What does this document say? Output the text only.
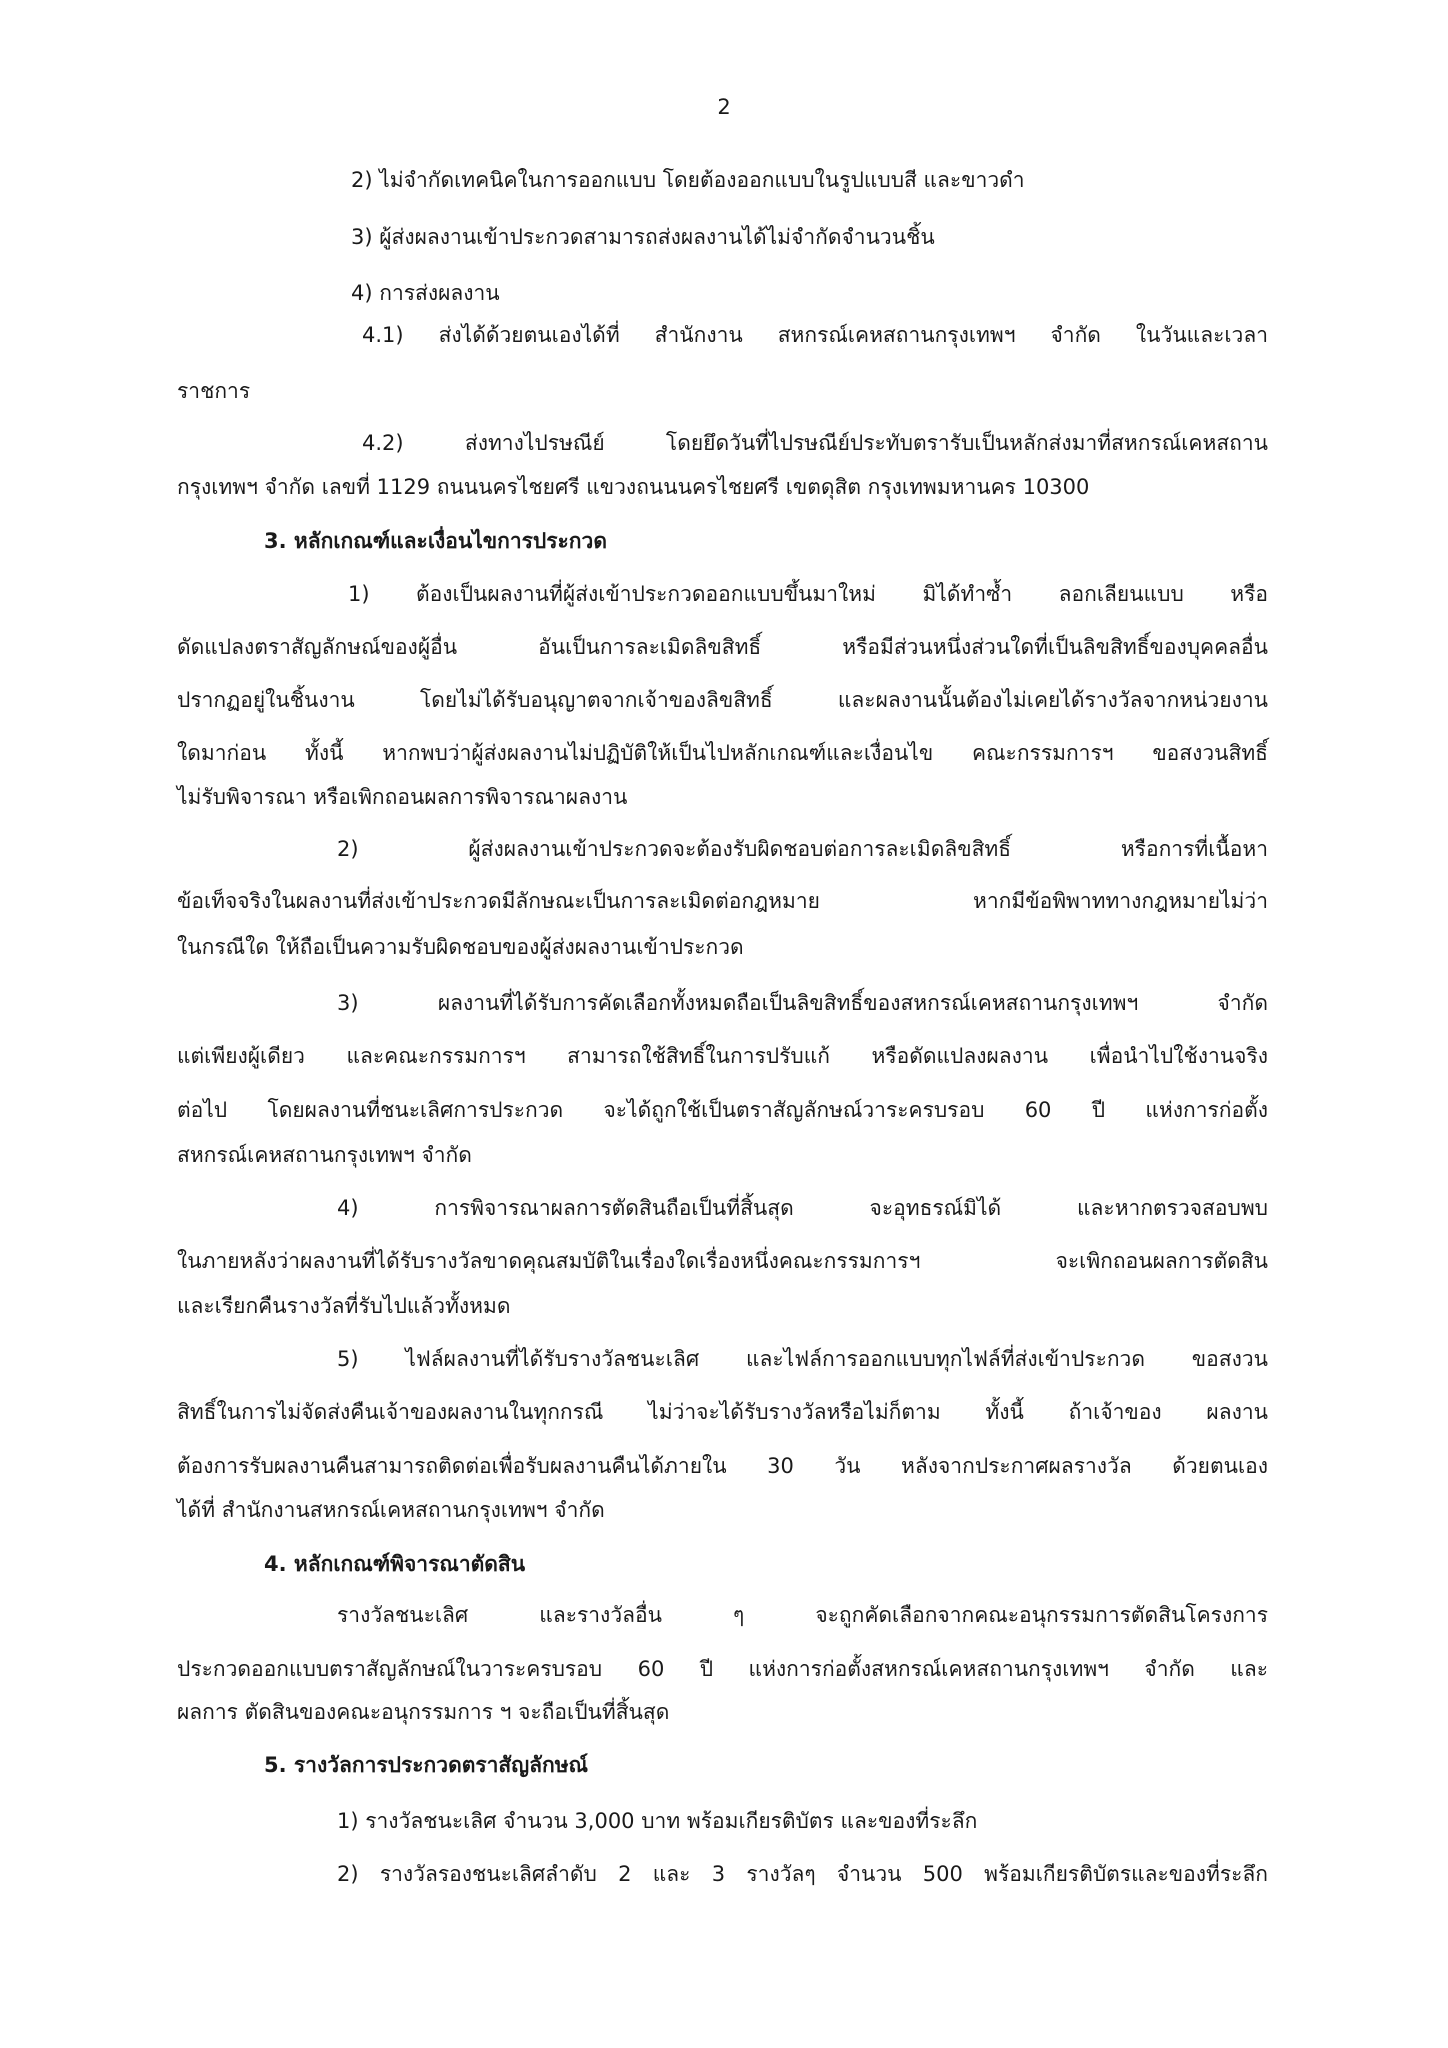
2
2) ไม่จำกัดเทคนิคในการออกแบบ โดยต้องออกแบบในรูปแบบสี และขาวดำ
3) ผู้ส่งผลงานเข้าประกวดสามารถส่งผลงานได้ไม่จำกัดจำนวนชิ้น
4) การส่งผลงาน
4.1) ส่งได้ด้วยตนเองได้ที่ สำนักงาน สหกรณ์เคหสถานกรุงเทพฯ จำกัด ในวันและเวลา
ราชการ
4.2) ส่งทางไปรษณีย์ โดยยึดวันที่ไปรษณีย์ประทับตรารับเป็นหลักส่งมาที่สหกรณ์เคหสถาน
กรุงเทพฯ จำกัด เลขที่ 1129 ถนนนครไชยศรี แขวงถนนนครไชยศรี เขตดุสิต กรุงเทพมหานคร 10300
3. หลักเกณฑ์และเงื่อนไขการประกวด
1) ต้องเป็นผลงานที่ผู้ส่งเข้าประกวดออกแบบขึ้นมาใหม่ มิได้ทำซ้ำ ลอกเลียนแบบ หรือ
ดัดแปลงตราสัญลักษณ์ของผู้อื่น อันเป็นการละเมิดลิขสิทธิ์ หรือมีส่วนหนึ่งส่วนใดที่เป็นลิขสิทธิ์ของบุคคลอื่น
ปรากฏอยู่ในชิ้นงาน โดยไม่ได้รับอนุญาตจากเจ้าของลิขสิทธิ์ และผลงานนั้นต้องไม่เคยได้รางวัลจากหน่วยงาน
ใดมาก่อน ทั้งนี้ หากพบว่าผู้ส่งผลงานไม่ปฏิบัติให้เป็นไปหลักเกณฑ์และเงื่อนไข คณะกรรมการฯ ขอสงวนสิทธิ์
ไม่รับพิจารณา หรือเพิกถอนผลการพิจารณาผลงาน
2) ผู้ส่งผลงานเข้าประกวดจะต้องรับผิดชอบต่อการละเมิดลิขสิทธิ์ หรือการที่เนื้อหา
ข้อเท็จจริงในผลงานที่ส่งเข้าประกวดมีลักษณะเป็นการละเมิดต่อกฎหมาย หากมีข้อพิพาททางกฎหมายไม่ว่า
ในกรณีใด ให้ถือเป็นความรับผิดชอบของผู้ส่งผลงานเข้าประกวด
3) ผลงานที่ได้รับการคัดเลือกทั้งหมดถือเป็นลิขสิทธิ์ของสหกรณ์เคหสถานกรุงเทพฯ จำกัด
แต่เพียงผู้เดียว และคณะกรรมการฯ สามารถใช้สิทธิ์ในการปรับแก้ หรือดัดแปลงผลงาน เพื่อนำไปใช้งานจริง
ต่อไป โดยผลงานที่ชนะเลิศการประกวด จะได้ถูกใช้เป็นตราสัญลักษณ์วาระครบรอบ 60 ปี แห่งการก่อตั้ง
สหกรณ์เคหสถานกรุงเทพฯ จำกัด
4) การพิจารณาผลการตัดสินถือเป็นที่สิ้นสุด จะอุทธรณ์มิได้ และหากตรวจสอบพบ
ในภายหลังว่าผลงานที่ได้รับรางวัลขาดคุณสมบัติในเรื่องใดเรื่องหนึ่งคณะกรรมการฯ จะเพิกถอนผลการตัดสิน
และเรียกคืนรางวัลที่รับไปแล้วทั้งหมด
5) ไฟล์ผลงานที่ได้รับรางวัลชนะเลิศ และไฟล์การออกแบบทุกไฟล์ที่ส่งเข้าประกวด ขอสงวน
สิทธิ์ในการไม่จัดส่งคืนเจ้าของผลงานในทุกกรณี ไม่ว่าจะได้รับรางวัลหรือไม่ก็ตาม ทั้งนี้ ถ้าเจ้าของ ผลงาน
ต้องการรับผลงานคืนสามารถติดต่อเพื่อรับผลงานคืนได้ภายใน 30 วัน หลังจากประกาศผลรางวัล ด้วยตนเอง
ได้ที่ สำนักงานสหกรณ์เคหสถานกรุงเทพฯ จำกัด
4. หลักเกณฑ์พิจารณาตัดสิน
รางวัลชนะเลิศ และรางวัลอื่น ๆ จะถูกคัดเลือกจากคณะอนุกรรมการตัดสินโครงการ
ประกวดออกแบบตราสัญลักษณ์ในวาระครบรอบ 60 ปี แห่งการก่อตั้งสหกรณ์เคหสถานกรุงเทพฯ จำกัด และ
ผลการ ตัดสินของคณะอนุกรรมการ ฯ จะถือเป็นที่สิ้นสุด
5. รางวัลการประกวดตราสัญลักษณ์
1) รางวัลชนะเลิศ จำนวน 3,000 บาท พร้อมเกียรติบัตร และของที่ระลึก
2) รางวัลรองชนะเลิศลำดับ 2 และ 3 รางวัลๆ จำนวน 500 พร้อมเกียรติบัตรและของที่ระลึก
